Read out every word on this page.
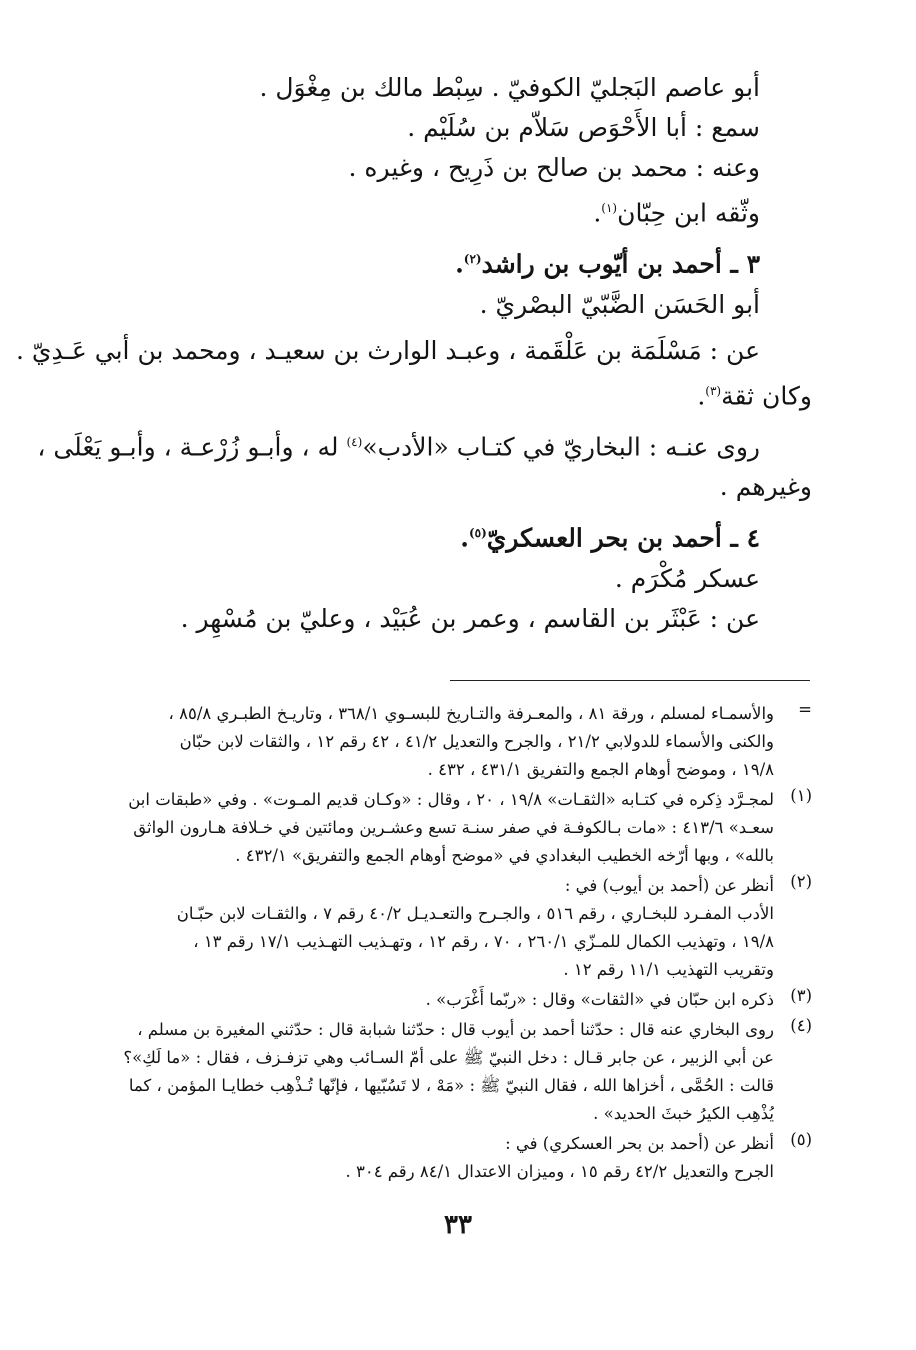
أبو عاصم البَجليّ الكوفيّ . سِبْط مالك بن مِغْوَل .
سمع : أبا الأَحْوَص سَلاّم بن سُلَيْم .
وعنه : محمد بن صالح بن ذَرِيح ، وغيره .
وثّقه ابن حِبّان$^{(١)}$.
٣ ـ أحمد بن أيّوب بن راشد$^{(٢)}$.
أبو الحَسَن الضَّبّيّ البصْريّ .
عن : مَسْلَمَة بن عَلْقَمة ، وعبـد الوارث بن سعيـد ، ومحمد بن أبي عَـدِيّ .
وكان ثقة$^{(٣)}$.
روى عنـه : البخاريّ في كتـاب «الأدب»$^{(٤)}$ له ، وأبـو زُرْعـة ، وأبـو يَعْلَى ،
وغيرهم .
٤ ـ أحمد بن بحر العسكريّ$^{(٥)}$.
عسكر مُكْرَم .
عن : عَبْثَر بن القاسم ، وعمر بن عُبَيْد ، وعليّ بن مُسْهِر .
=
والأسمـاء لمسلم ، ورقة ٨١ ، والمعـرفة والتـاريخ للبسـوي ٣٦٨/١ ، وتاريـخ الطبـري ٨٥/٨ ،
والكنى والأسماء للدولابي ٢١/٢ ، والجرح والتعديل ٤١/٢ ، ٤٢ رقم ١٢ ، والثقات لابن حبّان
١٩/٨ ، وموضح أوهام الجمع والتفريق ٤٣١/١ ، ٤٣٢ .
(١)
لمجـرَّد ذِكره في كتـابه «الثقـات» ١٩/٨ ، ٢٠ ، وقال : «وكـان قديم المـوت» . وفي «طبقات ابن
سعـد» ٤١٣/٦ : «مات بـالكوفـة في صفر سنـة تسع وعشـرين ومائتين في خـلافة هـارون الواثق
بالله» ، وبها أرّخه الخطيب البغدادي في «موضح أوهام الجمع والتفريق» ٤٣٢/١ .
(٢)
أنظر عن (أحمد بن أيوب) في :
الأدب المفـرد للبخـاري ، رقم ٥١٦ ، والجـرح والتعـديـل ٤٠/٢ رقم ٧ ، والثقـات لابن حبّـان
١٩/٨ ، وتهذيب الكمال للمـزّي ٢٦٠/١ ، ٧٠ ، رقم ١٢ ، وتهـذيب التهـذيب ١٧/١ رقم ١٣ ،
وتقريب التهذيب ١١/١ رقم ١٢ .
(٣)
ذكره ابن حبّان في «الثقات» وقال : «ربّما أَغْرَب» .
(٤)
روى البخاري عنه قال : حدّثنا أحمد بن أيوب قال : حدّثنا شبابة قال : حدّثني المغيرة بن مسلم ،
عن أبي الزبير ، عن جابر قـال : دخل النبيّ ﷺ على أمّ السـائب وهي تزفـزف ، فقال : «ما لَكِ»؟
قالت : الحُمَّى ، أخزاها الله ، فقال النبيّ ﷺ : «مَهْ ، لا تَسُبّيها ، فإنّها تُـذْهِب خطايـا المؤمن ، كما
يُذْهِب الكيرُ خبثَ الحديد» .
(٥)
أنظر عن (أحمد بن بحر العسكري) في :
الجرح والتعديل ٤٢/٢ رقم ١٥ ، وميزان الاعتدال ٨٤/١ رقم ٣٠٤ .
٣٣
